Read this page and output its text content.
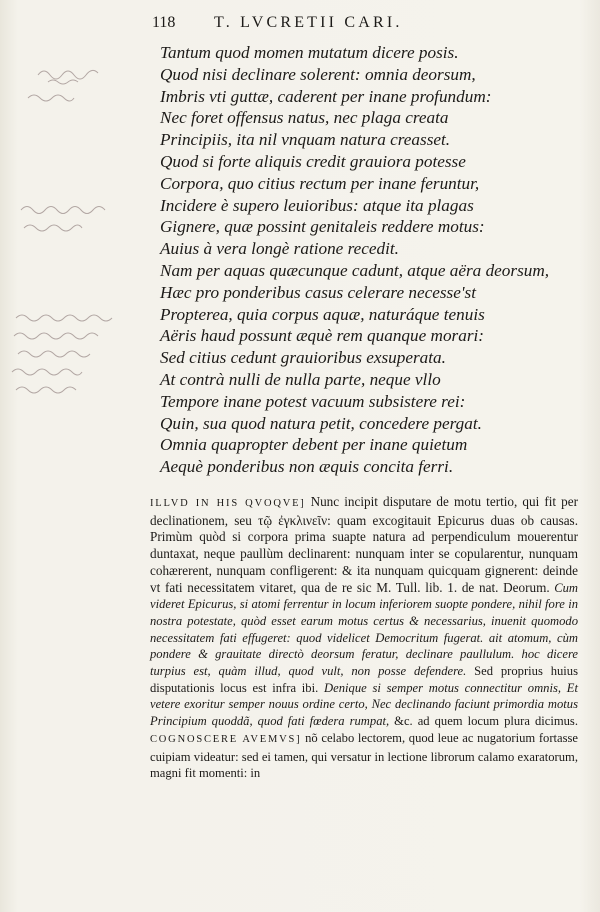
118 T. LVCRETII CARI.
Tantum quod momen mutatum dicere posis.
Quod nisi declinare solerent: omnia deorsum,
Imbris vti guttæ, caderent per inane profundum:
Nec foret offensus natus, nec plaga creata
Principiis, ita nil vnquam natura creasset.
Quod si forte aliquis credit grauiora potesse
Corpora, quo citius rectum per inane feruntur,
Incidere è supero leuioribus: atque ita plagas
Gignere, quæ possint genitaleis reddere motus:
Auius à vera longè ratione recedit.
Nam per aquas quæcunque cadunt, atque aëra deorsum,
Hæc pro ponderibus casus celerare necesse'st
Propterea, quia corpus aquæ, naturáque tenuis
Aëris haud possunt æquè rem quanque morari:
Sed citius cedunt grauioribus exsuperata.
At contrà nulli de nulla parte, neque vllo
Tempore inane potest vacuum subsistere rei:
Quin, sua quod natura petit, concedere pergat.
Omnia quapropter debent per inane quietum
Aequè ponderibus non æquis concita ferri.
ILLVD IN HIS QVOQVE] Nunc incipit disputare de motu tertio, qui fit per declinationem, seu τῷ ἐγκλινεῖν: quam excogitauit Epicurus duas ob causas. Primùm quòd si corpora prima suapte natura ad perpendiculum mouerentur duntaxat, neque paullùm declinarent: nunquam inter se copularentur, nunquam cohærerent, nunquam confligerent: & ita nunquam quicquam gignerent: deinde vt fati necessitatem vitaret, qua de re sic M. Tull. lib. 1. de nat. Deorum. Cum videret Epicurus, si atomi ferrentur in locum inferiorem suopte pondere, nihil fore in nostra potestate, quòd esset earum motus certus & necessarius, inuenit quomodo necessitatem fati effugeret: quod videlicet Democritum fugerat. ait atomum, cùm pondere & grauitate directò deorsum feratur, declinare paullulum. hoc dicere turpius est, quàm illud, quod vult, non posse defendere. Sed proprius huius disputationis locus est infra ibi. Denique si semper motus connectitur omnis, Et vetere exoritur semper nouus ordine certo, Nec declinando faciunt primordia motus Principium quoddã, quod fati fœdera rumpat, &c. ad quem locum plura dicimus. COGNOSCERE AVEMVS] nõ celabo lectorem, quod leue ac nugatorium fortasse cuipiam videatur: sed ei tamen, qui versatur in lectione librorum calamo exaratorum, magni fit momenti: in
